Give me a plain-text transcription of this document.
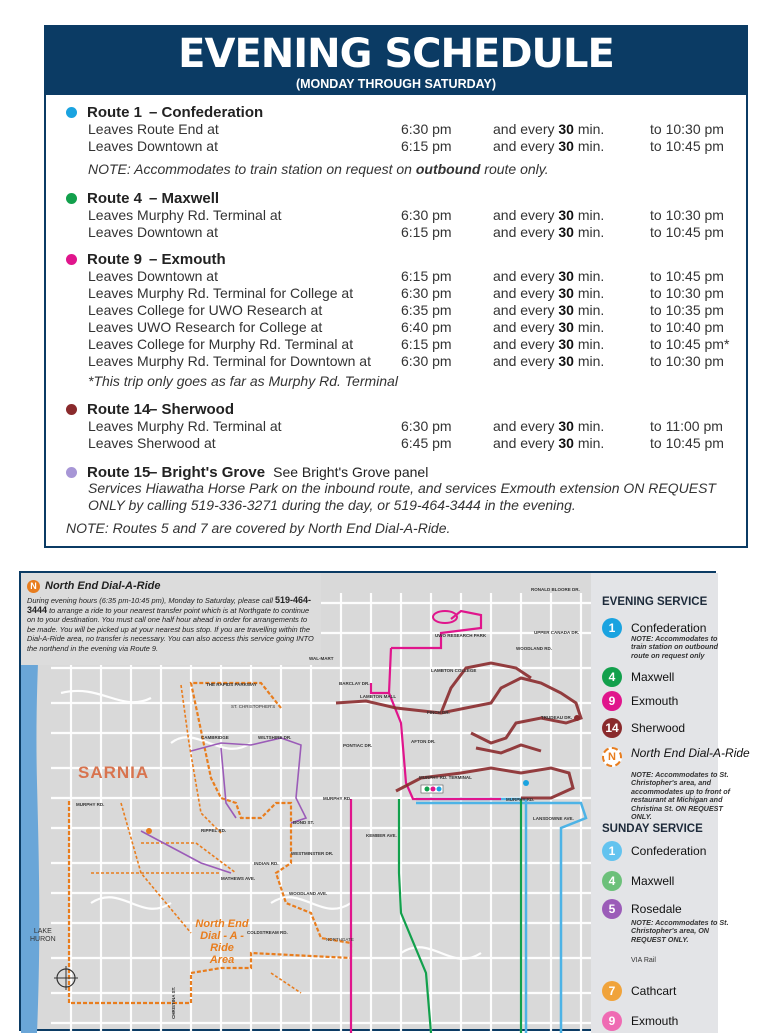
EVENING SCHEDULE
(MONDAY THROUGH SATURDAY)
Route 1 – Confederation
Leaves Route End at	6:30 pm	and every 30 min.	to 10:30 pm
Leaves Downtown at	6:15 pm	and every 30 min.	to 10:45 pm
NOTE: Accommodates to train station on request on outbound route only.
Route 4 – Maxwell
Leaves Murphy Rd. Terminal at	6:30 pm	and every 30 min.	to 10:30 pm
Leaves Downtown at	6:15 pm	and every 30 min.	to 10:45 pm
Route 9 – Exmouth
Leaves Downtown at	6:15 pm	and every 30 min.	to 10:45 pm
Leaves Murphy Rd. Terminal for College at	6:30 pm	and every 30 min.	to 10:30 pm
Leaves College for UWO Research at	6:35 pm	and every 30 min.	to 10:35 pm
Leaves UWO Research for College at	6:40 pm	and every 30 min.	to 10:40 pm
Leaves College for Murphy Rd. Terminal at	6:15 pm	and every 30 min.	to 10:45 pm*
Leaves Murphy Rd. Terminal for Downtown at 6:30 pm	and every 30 min.	to 10:30 pm
*This trip only goes as far as Murphy Rd. Terminal
Route 14– Sherwood
Leaves Murphy Rd. Terminal at	6:30 pm	and every 30 min.	to 11:00 pm
Leaves Sherwood at	6:45 pm	and every 30 min.	to 10:45 pm
Route 15– Bright's Grove See Bright's Grove panel
Services Hiawatha Horse Park on the inbound route, and services Exmouth extension ON REQUEST ONLY by calling 519-336-3271 during the day, or 519-464-3444 in the evening.
NOTE: Routes 5 and 7 are covered by North End Dial-A-Ride.
N North End Dial-A-Ride
During evening hours (6:35 pm-10:45 pm), Monday to Saturday, please call 519-464-3444 to arrange a ride to your nearest transfer point which is at Northgate to continue on to your destination. You must call one half hour ahead in order for arrangements to be made. You will be picked up at your nearest bus stop. If you are travelling within the Dial-A-Ride area, no transfer is necessary. You can also access this service going INTO the northend in the evening via Route 9.
SARNIA
North End
Dial - A - Ride
Area
LAKE
HURON
UWO RESEARCH PARK
LAMBTON COLLEGE
LAMBTON MALL
WAL-MART
THE RAPIDS PARKWAY
ST. CHRISTOPHER'S
MURPHY RD. TERMINAL
NORTHGATE
UPPER CANADA DR.
WOODLAND RD.
MURPHY RD.
MURPHY RD.
MURPHY RD.
CAMBRIDGE	WILTSHIRE DR.
KEMBER AVE.
LANSDOWNE AVE.
INDIAN RD.
MATHEWS AVE.
WOODLAND AVE.
COLDSTREAM RD.
RIPPEL RD.
BOND ST.
WESTMINSTER DR.
PONTIAC DR.
FINCH DR.
BARCLAY DR.
AFTON DR.
TRUDEAU DR.
RONALD BLOORE DR.
CHRISTINA ST.
EVENING SERVICE
1	Confederation
NOTE: Accommodates to train station on outbound route on request only
4	Maxwell
9	Exmouth
14 Sherwood
N	North End Dial-A-Ride
NOTE: Accommodates to St. Christopher's area, and accommodates up to front of restaurant at Michigan and Christina St. ON REQUEST ONLY.
SUNDAY SERVICE
1	Confederation
4	Maxwell
5	Rosedale
NOTE: Accommodates to St. Christopher's area, ON REQUEST ONLY.
7	Cathcart
9	Exmouth
VIA Rail
